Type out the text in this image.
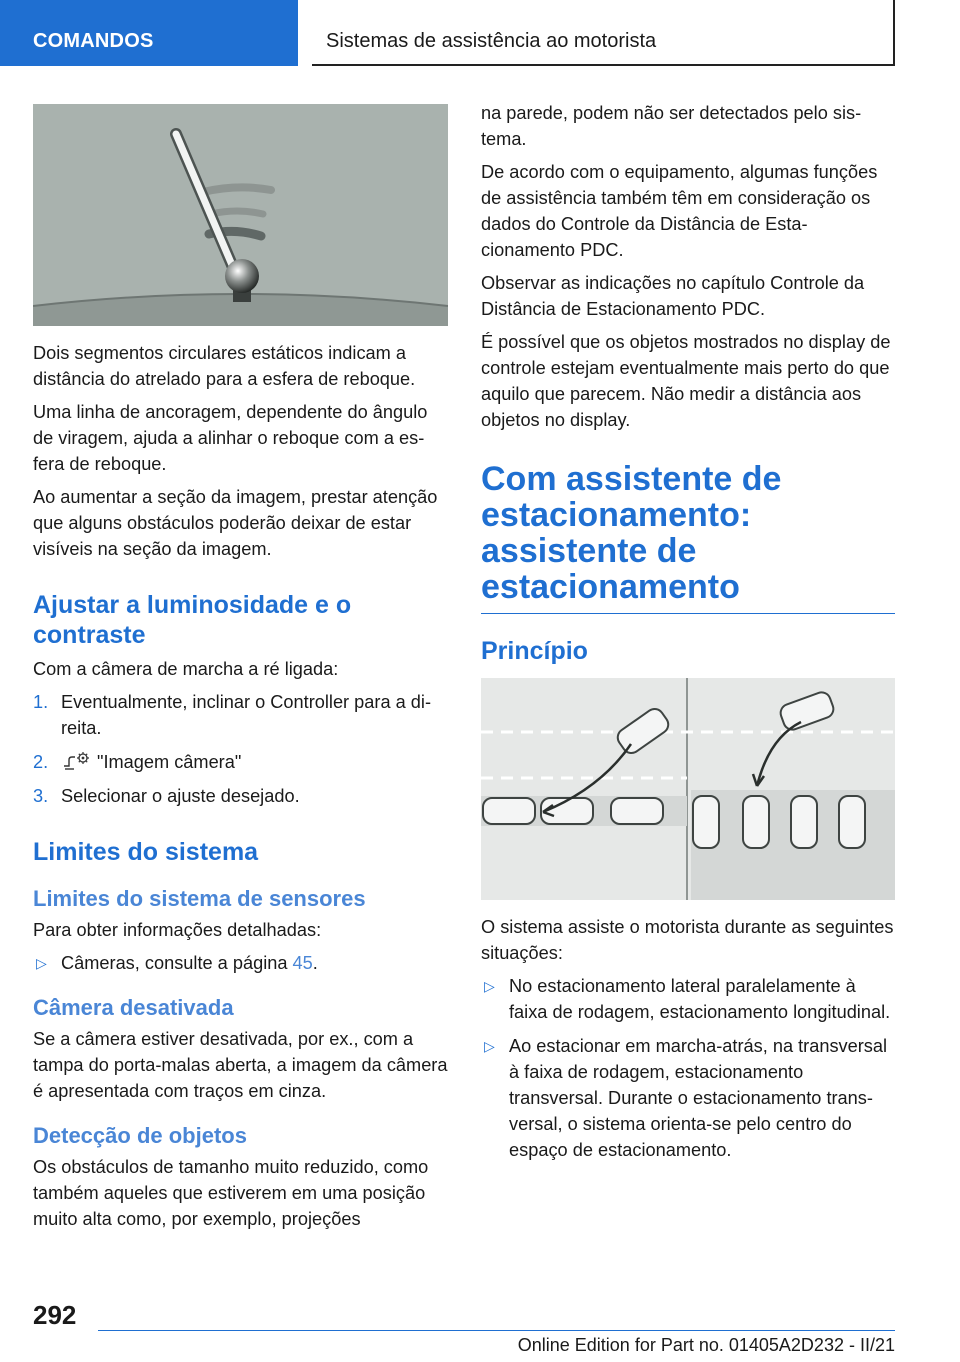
COMANDOS	Sistemas de assistência ao motorista

Dois segmentos circulares estáticos indicam a distância do atrelado para a esfera de reboque.

Uma linha de ancoragem, dependente do ângulo de viragem, ajuda a alinhar o reboque com a esfera de reboque.

Ao aumentar a seção da imagem, prestar atenção que alguns obstáculos poderão deixar de estar visíveis na seção da imagem.

Ajustar a luminosidade e o contraste

Com a câmera de marcha a ré ligada:

1. Eventualmente, inclinar o Controller para a direita.
2.	"Imagem câmera"
3. Selecionar o ajuste desejado.
Limites do sistema
Limites do sistema de sensores

Para obter informações detalhadas:

▷ Câmeras, consulte a página 45.
Câmera desativada

Se a câmera estiver desativada, por ex., com a tampa do porta-malas aberta, a imagem da câmera é apresentada com traços em cinza.

Detecção de objetos

Os obstáculos de tamanho muito reduzido, como também aqueles que estiverem em uma posição muito alta como, por exemplo, projeções

na parede, podem não ser detectados pelo sistema.

De acordo com o equipamento, algumas funções de assistência também têm em consideração os dados do Controle da Distância de Estacionamento PDC.

Observar as indicações no capítulo Controle da Distância de Estacionamento PDC.

É possível que os objetos mostrados no display de controle estejam eventualmente mais perto do que aquilo que parecem. Não medir a distância aos objetos no display.

Com assistente de estacionamento: assistente de estacionamento
Princípio

O sistema assiste o motorista durante as seguintes situações:

▷ No estacionamento lateral paralelamente à faixa de rodagem, estacionamento longitudinal.
▷ Ao estacionar em marcha-atrás, na transversal à faixa de rodagem, estacionamento transversal. Durante o estacionamento transversal, o sistema orienta-se pelo centro do espaço de estacionamento.
292
Online Edition for Part no. 01405A2D232 - II/21
